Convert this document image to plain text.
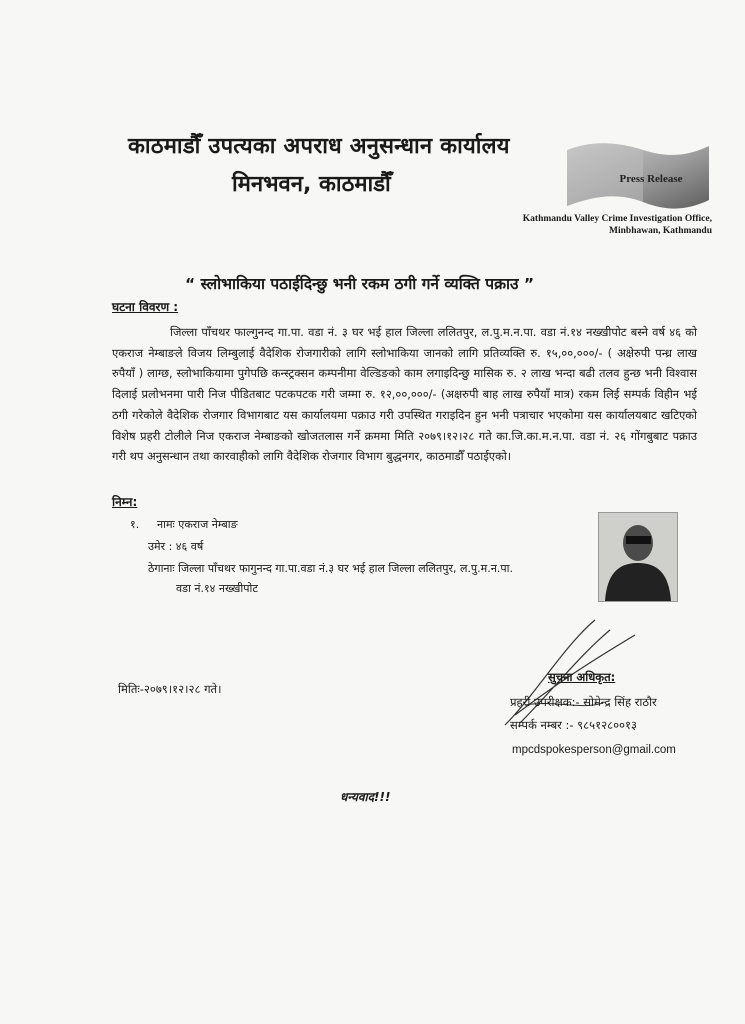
काठमाडौँ उपत्यका अपराध अनुसन्धान कार्यालय
मिनभवन, काठमाडौँ	Press Release
Kathmandu Valley Crime Investigation Office,
Minbhawan, Kathmandu
“ स्लोभाकिया पठाईदिन्छु भनी रकम ठगी गर्ने व्यक्ति पक्राउ ”
घटना विवरण :

जिल्ला पाँचथर फाल्गुनन्द गा.पा. वडा नं. ३ घर भई हाल जिल्ला ललितपुर, ल.पु.म.न.पा. वडा नं.१४ नख्खीपोट बस्ने वर्ष ४६ को एकराज नेम्बाङले विजय लिम्बुलाई वैदेशिक रोजगारीको लागि स्लोभाकिया जानको लागि प्रतिव्यक्ति रु. १५,००,०००/- ( अक्षेरुपी पन्ध्र लाख रुपैयाँ ) लाग्छ, स्लोभाकियामा पुगेपछि कन्स्ट्रक्सन कम्पनीमा वेल्डिङको काम लगाइदिन्छु मासिक रु. २ लाख भन्दा बढी तलव हुन्छ भनी विश्वास दिलाई प्रलोभनमा पारी निज पीडितबाट पटकपटक गरी जम्मा रु. १२,००,०००/- (अक्षरुपी बाह लाख रुपैयाँ मात्र) रकम लिई सम्पर्क विहीन भई ठगी गरेकोले वैदेशिक रोजगार विभागबाट यस कार्यालयमा पक्राउ गरी उपस्थित गराइदिन हुन भनी पत्राचार भएकोमा यस कार्यालयबाट खटिएको विशेष प्रहरी टोलीले निज एकराज नेम्बाङको खोजतलास गर्ने क्रममा मिति २०७९।१२।२८ गते का.जि.का.म.न.पा. वडा नं. २६ गोंगबुबाट पक्राउ गरी थप अनुसन्धान तथा कारवाहीको लागि वैदेशिक रोजगार विभाग बुद्धनगर, काठमाडौँ पठाईएको।

निम्न:
१. नामः एकराज नेम्बाङ
उमेर : ४६ वर्ष
ठेगानाः जिल्ला पाँचथर फागुनन्द गा.पा.वडा नं.३ घर भई हाल जिल्ला ललितपुर, ल.पु.म.न.पा.
वडा नं.१४ नख्खीपोट
मितिः-२०७९।१२।२८ गते।
सुचना अधिकृत:
प्रहरी उपरीक्षक:- सोमेन्द्र सिंह राठौर
सम्पर्क नम्बर :- ९८५१२८००१३
mpcdspokesperson@gmail.com
धन्यवाद!!!
